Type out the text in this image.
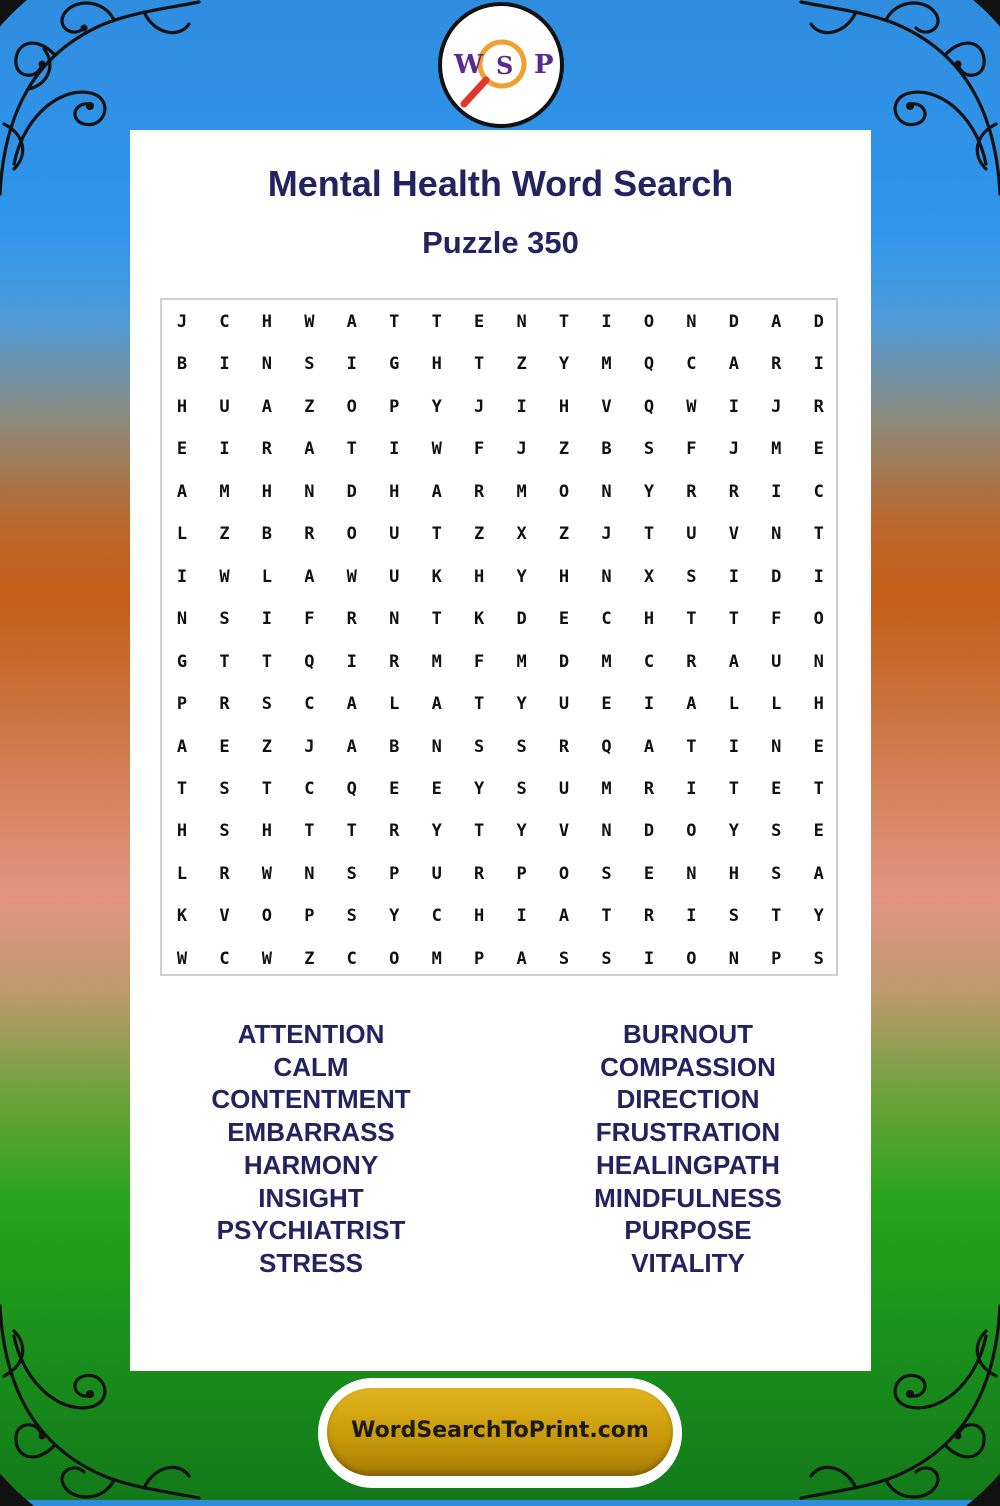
W S P
Mental Health Word Search
Puzzle 350
J	C	H	W	A	T	T	E	N	T	I	O	N	D	A	D
B	I	N	S	I	G	H	T	Z	Y	M	Q	C	A	R	I
H	U	A	Z	O	P	Y	J	I	H	V	Q	W	I	J	R
E	I	R	A	T	I	W	F	J	Z	B	S	F	J	M	E
A	M	H	N	D	H	A	R	M	O	N	Y	R	R	I	C
L	Z	B	R	O	U	T	Z	X	Z	J	T	U	V	N	T
I	W	L	A	W	U	K	H	Y	H	N	X	S	I	D	I
N	S	I	F	R	N	T	K	D	E	C	H	T	T	F	O
G	T	T	Q	I	R	M	F	M	D	M	C	R	A	U	N
P	R	S	C	A	L	A	T	Y	U	E	I	A	L	L	H
A	E	Z	J	A	B	N	S	S	R	Q	A	T	I	N	E
T	S	T	C	Q	E	E	Y	S	U	M	R	I	T	E	T
H	S	H	T	T	R	Y	T	Y	V	N	D	O	Y	S	E
L	R	W	N	S	P	U	R	P	O	S	E	N	H	S	A
K	V	O	P	S	Y	C	H	I	A	T	R	I	S	T	Y
W	C	W	Z	C	O	M	P	A	S	S	I	O	N	P	S
ATTENTION
CALM
CONTENTMENT
EMBARRASS
HARMONY
INSIGHT
PSYCHIATRIST
STRESS
BURNOUT
COMPASSION
DIRECTION
FRUSTRATION
HEALINGPATH
MINDFULNESS
PURPOSE
VITALITY
WordSearchToPrint.com
